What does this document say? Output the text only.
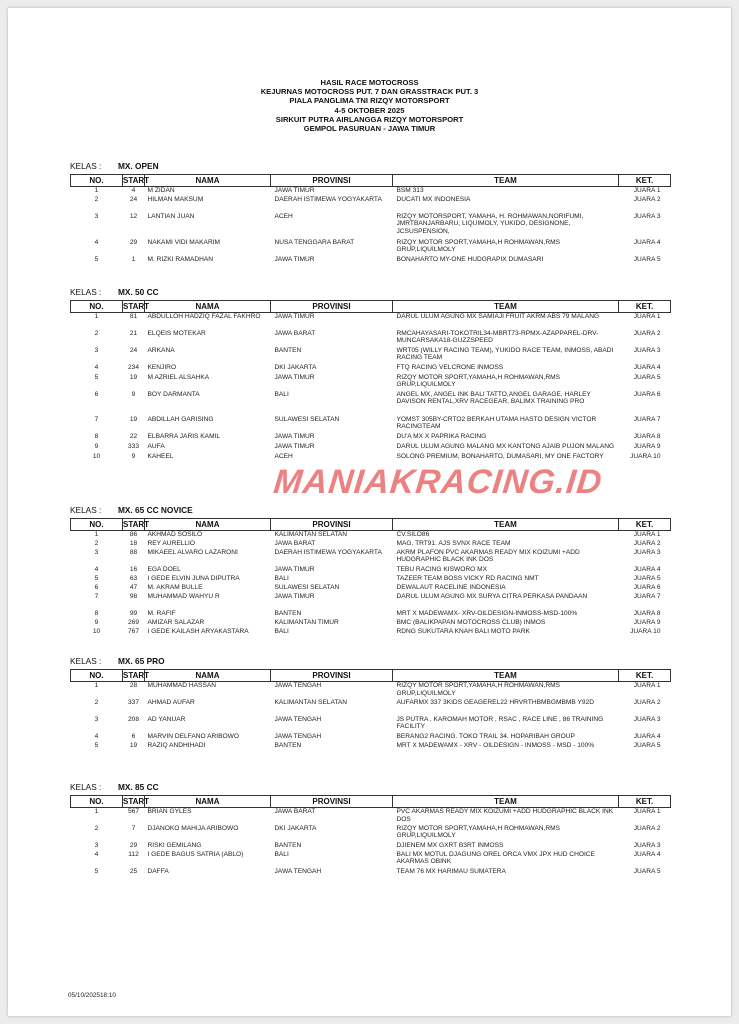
HASIL RACE MOTOCROSS
KEJURNAS MOTOCROSS PUT. 7 DAN GRASSTRACK PUT. 3
PIALA PANGLIMA TNI RIZQY MOTORSPORT
4-5 OKTOBER 2025
SIRKUIT PUTRA AIRLANGGA RIZQY MOTORSPORT
GEMPOL PASURUAN - JAWA TIMUR
KELAS : MX. OPEN
NO.	START	NAMA	PROVINSI	TEAM	KET.
1	4	M ZIDAN	JAWA TIMUR	BSM 313	JUARA 1
2	24	HILMAN MAKSUM	DAERAH ISTIMEWA YOGYAKARTA	DUCATI MX INDONESIA	JUARA 2
3	12	LANTIAN JUAN	ACEH	RIZQY MOTORSPORT, YAMAHA, H. ROHMAWAN,NORIFUMI, JMRTBANJARBARU, LIQUIMOLY, YUKIDO, DESIGNONE, JCSUSPENSION,	JUARA 3
4	29	NAKAMI VIDI MAKARIM	NUSA TENGGARA BARAT	RIZQY MOTOR SPORT,YAMAHA,H ROHMAWAN,RMS GRUP,LIQUILMOLY	JUARA 4
5	1	M. RIZKI RAMADHAN	JAWA TIMUR	BONAHARTO MY-ONE HUDGRAPIX DUMASARI	JUARA 5
KELAS : MX. 50 CC
NO.	START	NAMA	PROVINSI	TEAM	KET.
1	81	ABDULLOH HADZIQ FAZAL FAKHRO	JAWA TIMUR	DARUL ULUM AGUNG MX SAMIAJI FRUIT AKRM ABS 79 MALANG	JUARA 1
2	21	ELQEIS MOTEKAR	JAWA BARAT	RMCAHAYASARI-TOKOTRIL34-MBRT73-RPMX-AZAPPAREL-DRV-MUNCARSAKA18-GUZZSPEED	JUARA 2
3	24	ARKANA	BANTEN	WRT05 (WILLY RACING TEAM), YUKIDO RACE TEAM, INMOSS, ABADI RACING TEAM	JUARA 3
4	234	KENJIRO	DKI JAKARTA	FTQ RACING VELCRONE INMOSS	JUARA 4
5	19	M AZRIEL ALSAHKA	JAWA TIMUR	RIZQY MOTOR SPORT,YAMAHA,H ROHMAWAN,RMS GRUP,LIQUILMOLY	JUARA 5
6	9	BOY DARMANTA	BALI	ANGEL MX, ANGEL INK BALI TATTO,ANGEL GARAGE, HARLEY DAVISON RENTAL,XRV RACEGEAR, BALIMX TRAINING PRO	JUARA 6
7	19	ABDILLAH GARISING	SULAWESI SELATAN	YOMST 305BY-CRTO2 BERKAH UTAMA HASTO DESIGN VICTOR RACINGTEAM	JUARA 7
8	22	ELBARRA JARIS KAMIL	JAWA TIMUR	DU'A MX X PAPRIKA RACING	JUARA 8
9	333	AUFA	JAWA TIMUR	DARUL ULUM AGUNG MALANG MX KANTONG AJAIB PUJON MALANG	JUARA 9
10	9	KAHEEL	ACEH	SOLONG PREMIUM, BONAHARTO, DUMASARI, MY ONE FACTORY	JUARA 10
KELAS : MX. 65 CC NOVICE
NO.	START	NAMA	PROVINSI	TEAM	KET.
1	86	AKHMAD SOSILO	KALIMANTAN SELATAN	CV.SILO86	JUARA 1
2	18	REY AURELLIO	JAWA BARAT	MAG. TRT91. AJS SVNX RACE TEAM	JUARA 2
3	88	MIKAEEL ALVARO LAZARONI	DAERAH ISTIMEWA YOGYAKARTA	AKRM PLAFON PVC AKARMAS READY MIX KOIZUMI +ADD HUDGRAPHIC BLACK INK DOS	JUARA 3
4	16	EGA DOEL	JAWA TIMUR	TEBU RACING KISWORO MX	JUARA 4
5	63	I GEDE ELVIN JUNA DIPUTRA	BALI	TAZEER TEAM BOSS VICKY RD RACING NMT	JUARA 5
6	47	M. AKRAM BULLE	SULAWESI SELATAN	DEWALAUT RACELINE INDONESIA	JUARA 6
7	98	MUHAMMAD WAHYU R	JAWA TIMUR	DARUL ULUM AGUNG MX SURYA CITRA PERKASA PANDAAN	JUARA 7
8	99	M. RAFIF	BANTEN	MRT X MADEWAMX- XRV-OILDESIGN-INMOSS-MSD-100%	JUARA 8
9	269	AMIZAR SALAZAR	KALIMANTAN TIMUR	BMC (BALIKPAPAN MOTOCROSS CLUB) INMOS	JUARA 9
10	767	I GEDE KAILASH ARYAKASTARA	BALI	RDNG SUKUTARA KNAH BALI MOTO PARK	JUARA 10
KELAS : MX. 65 PRO
NO.	START	NAMA	PROVINSI	TEAM	KET.
1	28	MUHAMMAD HASSAN	JAWA TENGAH	RIZQY MOTOR SPORT,YAMAHA,H ROHMAWAN,RMS GRUP,LIQUILMOLY	JUARA 1
2	337	AHMAD AUFAR	KALIMANTAN SELATAN	AUFARMX 337 3KIDS GEAGEREL22 HRVRTHBMBGMBMB Y92D	JUARA 2
3	208	AD YANUAR	JAWA TENGAH	JS PUTRA , KAROMAH MOTOR , RSAC , RACE LINE , 86 TRAINING FACILITY	JUARA 3
4	6	MARVIN DELFANO ARIBOWO	JAWA TENGAH	BERANG2 RACING. TOKO TRAIL 34. HOPARIBAH GROUP	JUARA 4
5	19	RAZIQ ANDHIHADI	BANTEN	MRT X MADEWAMX - XRV - OILDESIGN - INMOSS - MSD - 100%	JUARA 5
KELAS : MX. 85 CC
NO.	START	NAMA	PROVINSI	TEAM	KET.
1	567	BRIAN GYLES	JAWA BARAT	PVC AKARMAS READY MIX KOIZUMI +ADD HUDGRAPHIC BLACK INK DOS	JUARA 1
2	7	DJANOKO MAHIJA ARIBOWO	DKI JAKARTA	RIZQY MOTOR SPORT,YAMAHA,H ROHMAWAN,RMS GRUP,LIQUILMOLY	JUARA 2
3	29	RISKI GEMILANG	BANTEN	DJIENEM MX GXRT B3RT INMOSS	JUARA 3
4	112	I GEDE BAGUS SATRIA (ABLO)	BALI	BALI MX MOTUL DJAGUNG OREL ORCA VMX JPX HUD CHOICE AKARMAS OBINK	JUARA 4
5	25	DAFFA	JAWA TENGAH	TEAM 76 MX HARIMAU SUMATERA	JUARA 5
MANIAKRACING.ID
05/10/202518:10
